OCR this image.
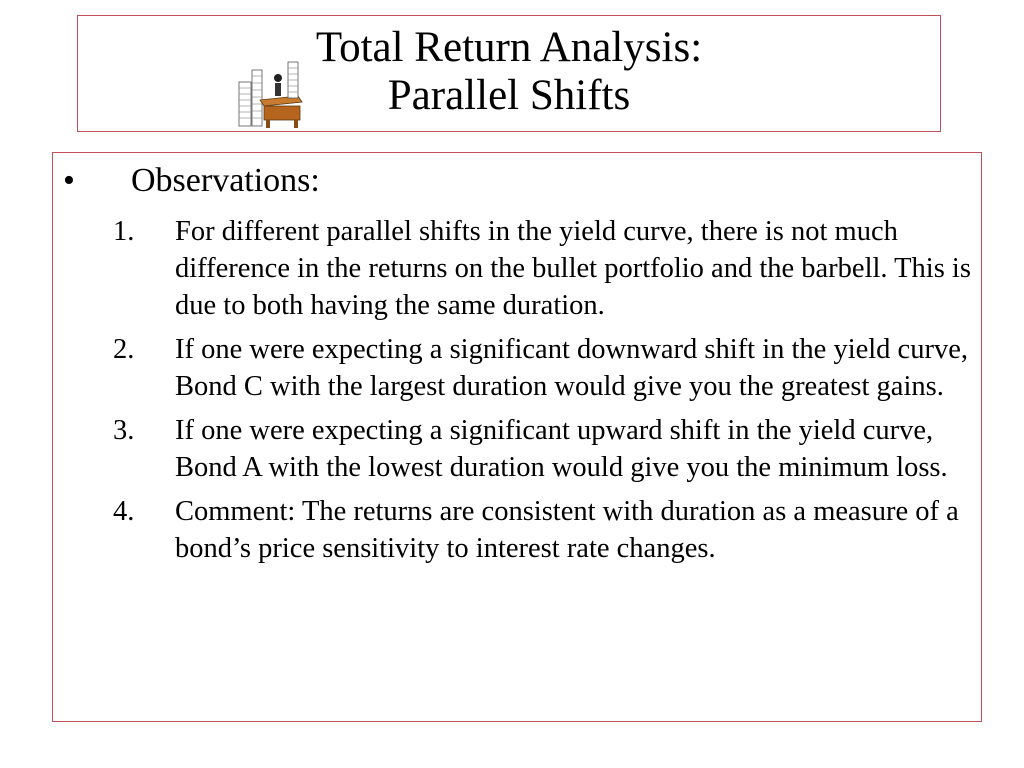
Total Return Analysis:
Parallel Shifts
• Observations:
1. For different parallel shifts in the yield curve, there is not much difference in the returns on the bullet portfolio and the barbell. This is due to both having the same duration.
2. If one were expecting a significant downward shift in the yield curve, Bond C with the largest duration would give you the greatest gains.
3. If one were expecting a significant upward shift in the yield curve, Bond A with the lowest duration would give you the minimum loss.
4. Comment: The returns are consistent with duration as a measure of a bond’s price sensitivity to interest rate changes.
